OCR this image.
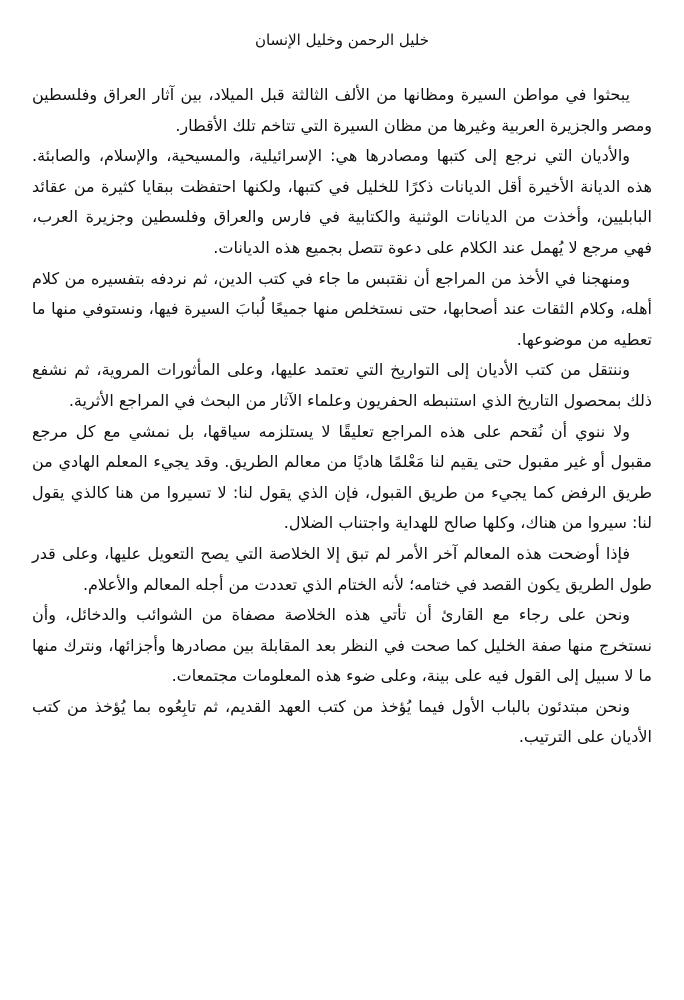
خليل الرحمن وخليل الإنسان

يبحثوا في مواطن السيرة ومظانها من الألف الثالثة قبل الميلاد، بين آثار العراق وفلسطين ومصر والجزيرة العربية وغيرها من مظان السيرة التي تتاخم تلك الأقطار.

والأديان التي نرجع إلى كتبها ومصادرها هي: الإسرائيلية، والمسيحية، والإسلام، والصابئة. هذه الديانة الأخيرة أقل الديانات ذكرًا للخليل في كتبها، ولكنها احتفظت ببقايا كثيرة من عقائد البابليين، وأخذت من الديانات الوثنية والكتابية في فارس والعراق وفلسطين وجزيرة العرب، فهي مرجع لا يُهمل عند الكلام على دعوة تتصل بجميع هذه الديانات.

ومنهجنا في الأخذ من المراجع أن نقتبس ما جاء في كتب الدين، ثم نردفه بتفسيره من كلام أهله، وكلام الثقات عند أصحابها، حتى نستخلص منها جميعًا لُبابَ السيرة فيها، ونستوفي منها ما تعطيه من موضوعها.

وننتقل من كتب الأديان إلى التواريخ التي تعتمد عليها، وعلى المأثورات المروية، ثم نشفع ذلك بمحصول التاريخ الذي استنبطه الحفريون وعلماء الآثار من البحث في المراجع الأثرية.

ولا ننوي أن نُقحم على هذه المراجع تعليقًا لا يستلزمه سياقها، بل نمشي مع كل مرجع مقبول أو غير مقبول حتى يقيم لنا مَعْلمًا هاديًا من معالم الطريق. وقد يجيء المعلم الهادي من طريق الرفض كما يجيء من طريق القبول، فإن الذي يقول لنا: لا تسيروا من هنا كالذي يقول لنا: سيروا من هناك، وكلها صالح للهداية واجتناب الضلال.

فإذا أوضحت هذه المعالم آخر الأمر لم تبق إلا الخلاصة التي يصح التعويل عليها، وعلى قدر طول الطريق يكون القصد في ختامه؛ لأنه الختام الذي تعددت من أجله المعالم والأعلام.

ونحن على رجاء مع القارئ أن تأتي هذه الخلاصة مصفاة من الشوائب والدخائل، وأن نستخرج منها صفة الخليل كما صحت في النظر بعد المقابلة بين مصادرها وأجزائها، ونترك منها ما لا سبيل إلى القول فيه على بينة، وعلى ضوء هذه المعلومات مجتمعات.

ونحن مبتدئون بالباب الأول فيما يُؤخذ من كتب العهد القديم، ثم تابِعُوه بما يُؤخذ من كتب الأديان على الترتيب.
